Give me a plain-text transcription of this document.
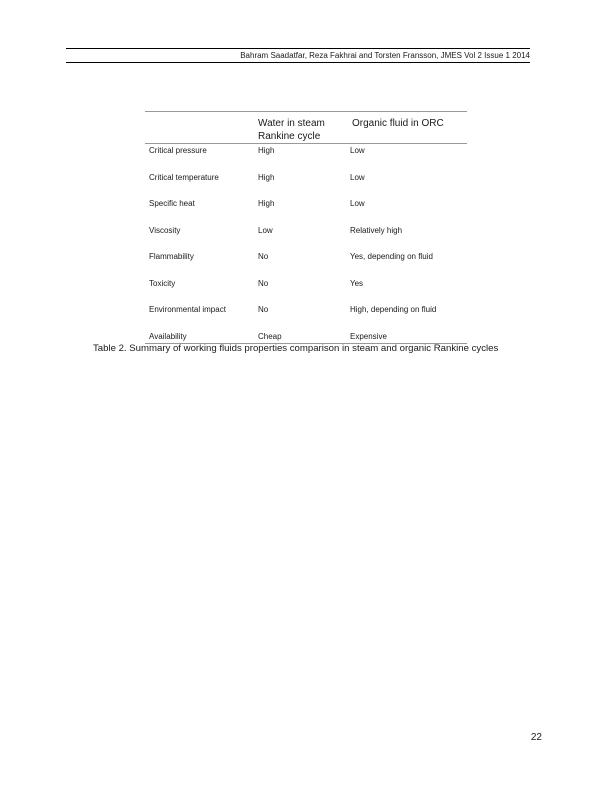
Bahram Saadatfar, Reza Fakhrai and Torsten Fransson, JMES Vol 2 Issue 1 2014
	Water in steam Rankine cycle	Organic fluid in ORC
Critical pressure	High	Low
Critical temperature	High	Low
Specific heat	High	Low
Viscosity	Low	Relatively high
Flammability	No	Yes, depending on fluid
Toxicity	No	Yes
Environmental impact	No	High, depending on fluid
Availability	Cheap	Expensive
Table 2. Summary of working fluids properties comparison in steam and organic Rankine cycles
22
